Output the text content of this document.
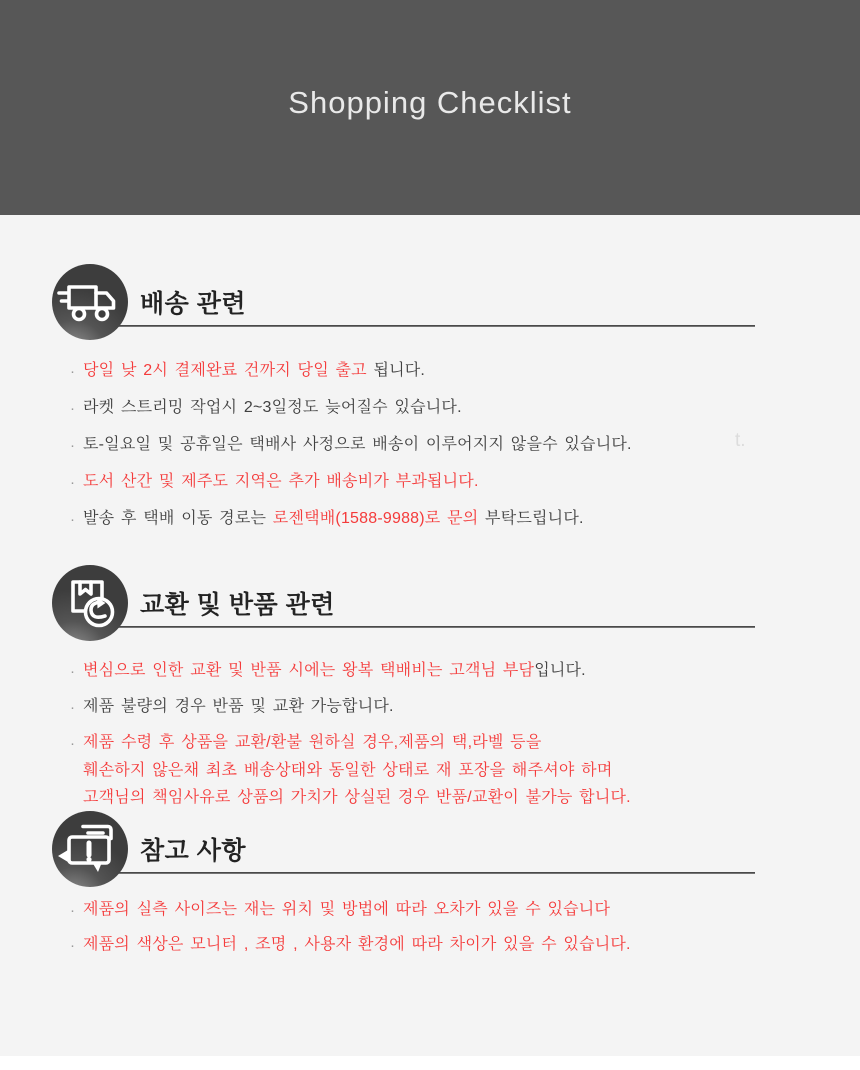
Shopping Checklist
t.
배송 관련
· 당일 낮 2시 결제완료 건까지 당일 출고 됩니다.
· 라켓 스트리밍 작업시 2~3일정도 늦어질수 있습니다.
· 토-일요일 및 공휴일은 택배사 사정으로 배송이 이루어지지 않을수 있습니다.
· 도서 산간 및 제주도 지역은 추가 배송비가 부과됩니다.
· 발송 후 택배 이동 경로는 로젠택배(1588-9988)로 문의 부탁드립니다.
교환 및 반품 관련
· 변심으로 인한 교환 및 반품 시에는 왕복 택배비는 고객님 부담입니다.
· 제품 불량의 경우 반품 및 교환 가능합니다.
· 제품 수령 후 상품을 교환/환불 원하실 경우,제품의 택,라벨 등을
훼손하지 않은채 최초 배송상태와 동일한 상태로 재 포장을 해주셔야 하며
고객님의 책임사유로 상품의 가치가 상실된 경우 반품/교환이 불가능 합니다.
참고 사항
· 제품의 실측 사이즈는 재는 위치 및 방법에 따라 오차가 있을 수 있습니다
· 제품의 색상은 모니터 , 조명 , 사용자 환경에 따라 차이가 있을 수 있습니다.
